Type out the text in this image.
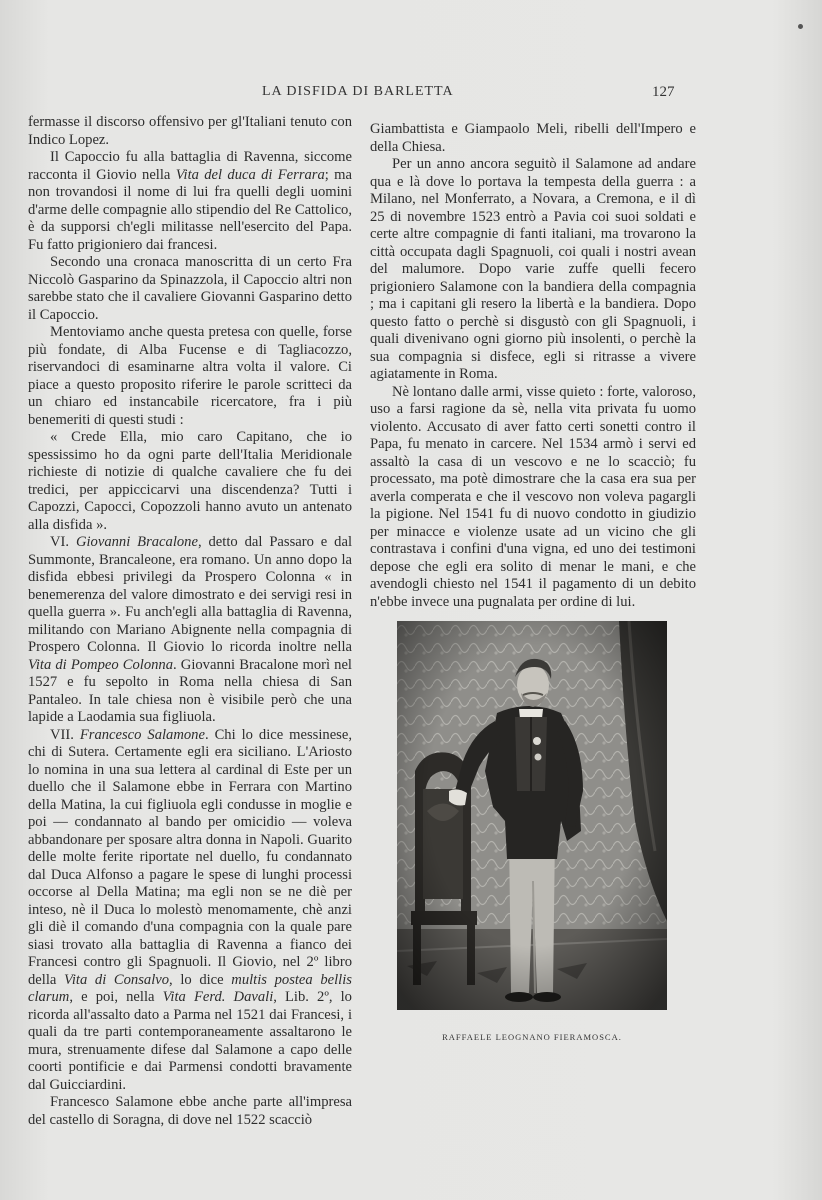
LA DISFIDA DI BARLETTA	127

fermasse il discorso offensivo per gl'Italiani tenuto con Indico Lopez.

Il Capoccio fu alla battaglia di Ravenna, siccome racconta il Giovio nella Vita del duca di Ferrara; ma non trovandosi il nome di lui fra quelli degli uomini d'arme delle compagnie allo stipendio del Re Cattolico, è da supporsi ch'egli militasse nell'esercito del Papa. Fu fatto prigioniero dai francesi.

Secondo una cronaca manoscritta di un certo Fra Niccolò Gasparino da Spinazzola, il Capoccio altri non sarebbe stato che il cavaliere Giovanni Gasparino detto il Capoccio.

Mentoviamo anche questa pretesa con quelle, forse più fondate, di Alba Fucense e di Tagliacozzo, riservandoci di esaminarne altra volta il valore. Ci piace a questo proposito riferire le parole scritteci da un chiaro ed instancabile ricercatore, fra i più benemeriti di questi studi :

« Crede Ella, mio caro Capitano, che io spessissimo ho da ogni parte dell'Italia Meridionale richieste di notizie di qualche cavaliere che fu dei tredici, per appiccicarvi una discendenza? Tutti i Capozzi, Capocci, Copozzoli hanno avuto un antenato alla disfida ».

VI. Giovanni Bracalone, detto dal Passaro e dal Summonte, Brancaleone, era romano. Un anno dopo la disfida ebbesi privilegi da Prospero Colonna « in benemerenza del valore dimostrato e dei servigi resi in quella guerra ». Fu anch'egli alla battaglia di Ravenna, militando con Mariano Abignente nella compagnia di Prospero Colonna. Il Giovio lo ricorda inoltre nella Vita di Pompeo Colonna. Giovanni Bracalone morì nel 1527 e fu sepolto in Roma nella chiesa di San Pantaleo. In tale chiesa non è visibile però che una lapide a Laodamia sua figliuola.

VII. Francesco Salamone. Chi lo dice messinese, chi di Sutera. Certamente egli era siciliano. L'Ariosto lo nomina in una sua lettera al cardinal di Este per un duello che il Salamone ebbe in Ferrara con Martino della Matina, la cui figliuola egli condusse in moglie e poi — condannato al bando per omicidio — voleva abbandonare per sposare altra donna in Napoli. Guarito delle molte ferite riportate nel duello, fu condannato dal Duca Alfonso a pagare le spese di lunghi processi occorse al Della Matina; ma egli non se ne diè per inteso, nè il Duca lo molestò menomamente, chè anzi gli diè il comando d'una compagnia con la quale pare siasi trovato alla battaglia di Ravenna a fianco dei Francesi contro gli Spagnuoli. Il Giovio, nel 2º libro della Vita di Consalvo, lo dice multis postea bellis clarum, e poi, nella Vita Ferd. Davali, Lib. 2º, lo ricorda all'assalto dato a Parma nel 1521 dai Francesi, i quali da tre parti contemporaneamente assaltarono le mura, strenuamente difese dal Salamone a capo delle coorti pontificie e dai Parmensi condotti bravamente dal Guicciardini.

Francesco Salamone ebbe anche parte all'impresa del castello di Soragna, di dove nel 1522 scacciò

Giambattista e Giampaolo Meli, ribelli dell'Impero e della Chiesa.

Per un anno ancora seguitò il Salamone ad andare qua e là dove lo portava la tempesta della guerra : a Milano, nel Monferrato, a Novara, a Cremona, e il dì 25 di novembre 1523 entrò a Pavia coi suoi soldati e certe altre compagnie di fanti italiani, ma trovarono la città occupata dagli Spagnuoli, coi quali i nostri avean del malumore. Dopo varie zuffe quelli fecero prigioniero Salamone con la bandiera della compagnia ; ma i capitani gli resero la libertà e la bandiera. Dopo questo fatto o perchè si disgustò con gli Spagnuoli, i quali divenivano ogni giorno più insolenti, o perchè la sua compagnia si disfece, egli si ritrasse a vivere agiatamente in Roma.

Nè lontano dalle armi, visse quieto : forte, valoroso, uso a farsi ragione da sè, nella vita privata fu uomo violento. Accusato di aver fatto certi sonetti contro il Papa, fu menato in carcere. Nel 1534 armò i servi ed assaltò la casa di un vescovo e ne lo scacciò; fu processato, ma potè dimostrare che la casa era sua per averla comperata e che il vescovo non voleva pagargli la pigione. Nel 1541 fu di nuovo condotto in giudizio per minacce e violenze usate ad un vicino che gli contrastava i confini d'una vigna, ed uno dei testimoni depose che egli era solito di menar le mani, e che avendogli chiesto nel 1541 il pagamento di un debito n'ebbe invece una pugnalata per ordine di lui.

RAFFAELE LEOGNANO FIERAMOSCA.
